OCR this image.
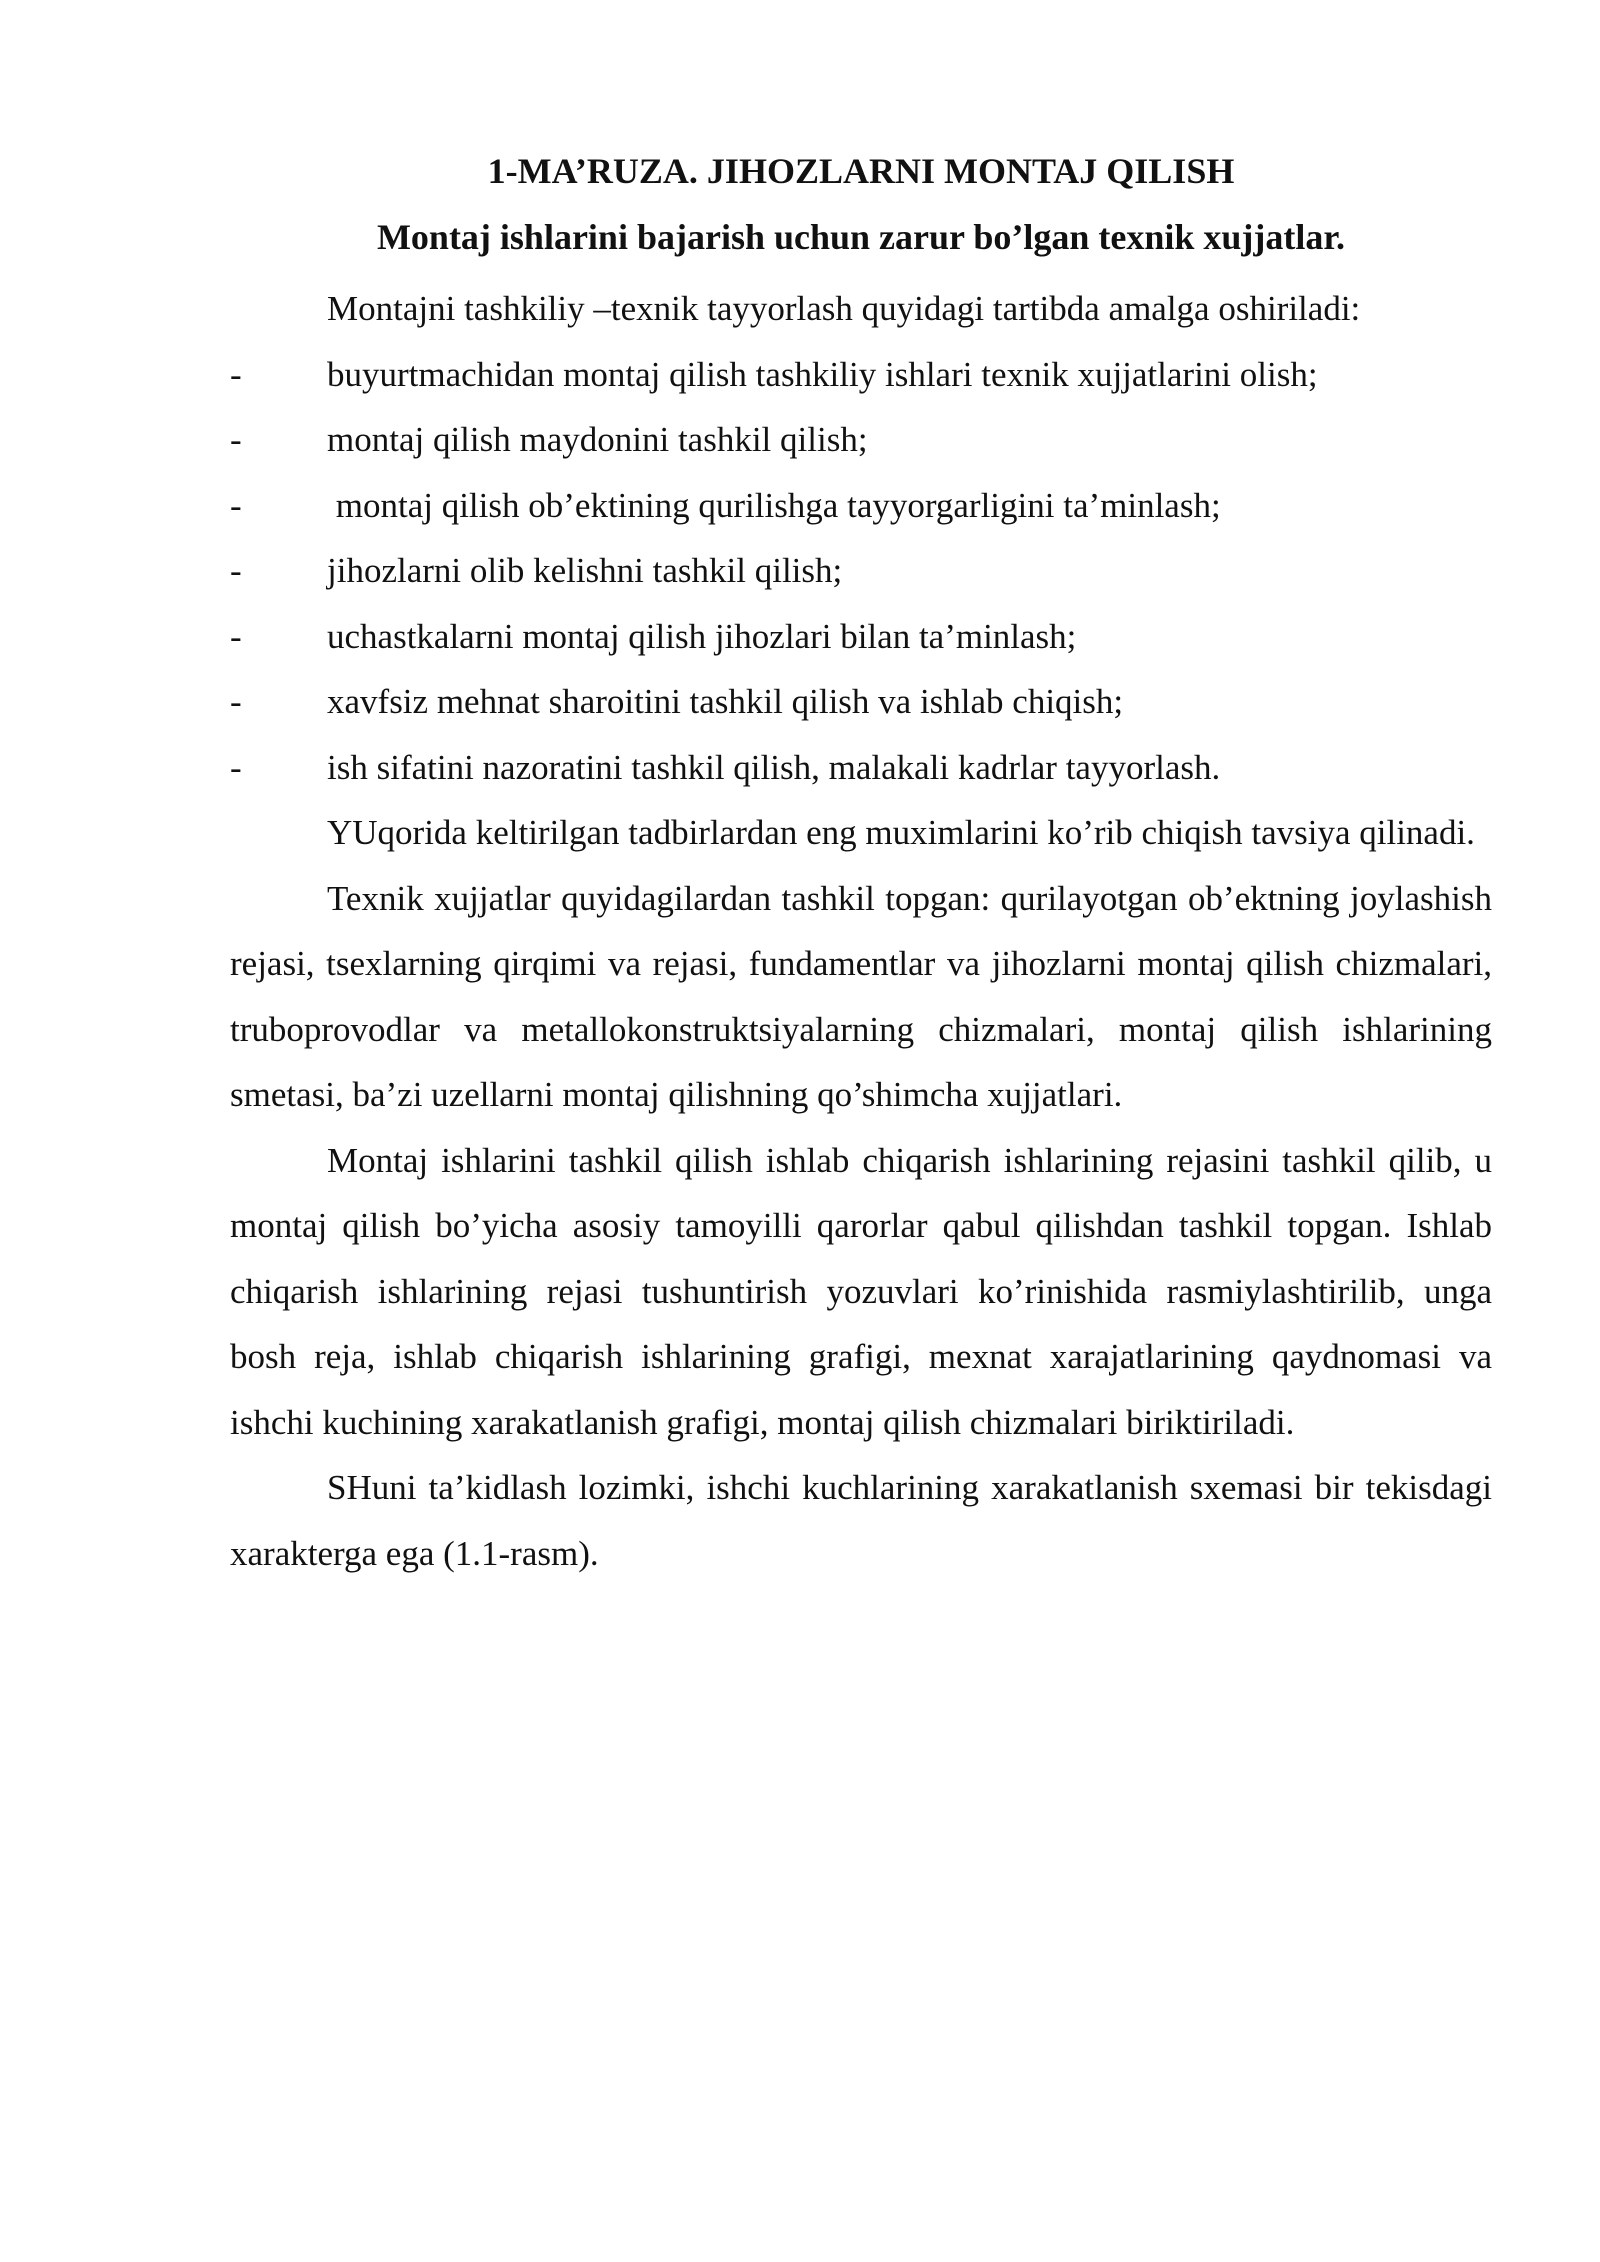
1-MA’RUZA. JIHOZLARNI MONTAJ QILISH
Montaj ishlarini bajarish uchun zarur bo’lgan texnik xujjatlar.

Montajni tashkiliy –texnik tayyorlash quyidagi tartibda amalga oshiriladi:

- buyurtmachidan montaj qilish tashkiliy ishlari texnik xujjatlarini olish;
- montaj qilish maydonini tashkil qilish;
- montaj qilish ob’ektining qurilishga tayyorgarligini ta’minlash;
- jihozlarni olib kelishni tashkil qilish;
- uchastkalarni montaj qilish jihozlari bilan ta’minlash;
- xavfsiz mehnat sharoitini tashkil qilish va ishlab chiqish;
- ish sifatini nazoratini tashkil qilish, malakali kadrlar tayyorlash.

YUqorida keltirilgan tadbirlardan eng muximlarini ko’rib chiqish tavsiya qilinadi.

Texnik xujjatlar quyidagilardan tashkil topgan: qurilayotgan ob’ektning joylashish rejasi, tsexlarning qirqimi va rejasi, fundamentlar va jihozlarni montaj qilish chizmalari, truboprovodlar va metallokonstruktsiyalarning chizmalari, montaj qilish ishlarining smetasi, ba’zi uzellarni montaj qilishning qo’shimcha xujjatlari.

Montaj ishlarini tashkil qilish ishlab chiqarish ishlarining rejasini tashkil qilib, u montaj qilish bo’yicha asosiy tamoyilli qarorlar qabul qilishdan tashkil topgan. Ishlab chiqarish ishlarining rejasi tushuntirish yozuvlari ko’rinishida rasmiylashtirilib, unga bosh reja, ishlab chiqarish ishlarining grafigi, mexnat xarajatlarining qaydnomasi va ishchi kuchining xarakatlanish grafigi, montaj qilish chizmalari biriktiriladi.

SHuni ta’kidlash lozimki, ishchi kuchlarining xarakatlanish sxemasi bir tekisdagi xarakterga ega (1.1-rasm).
